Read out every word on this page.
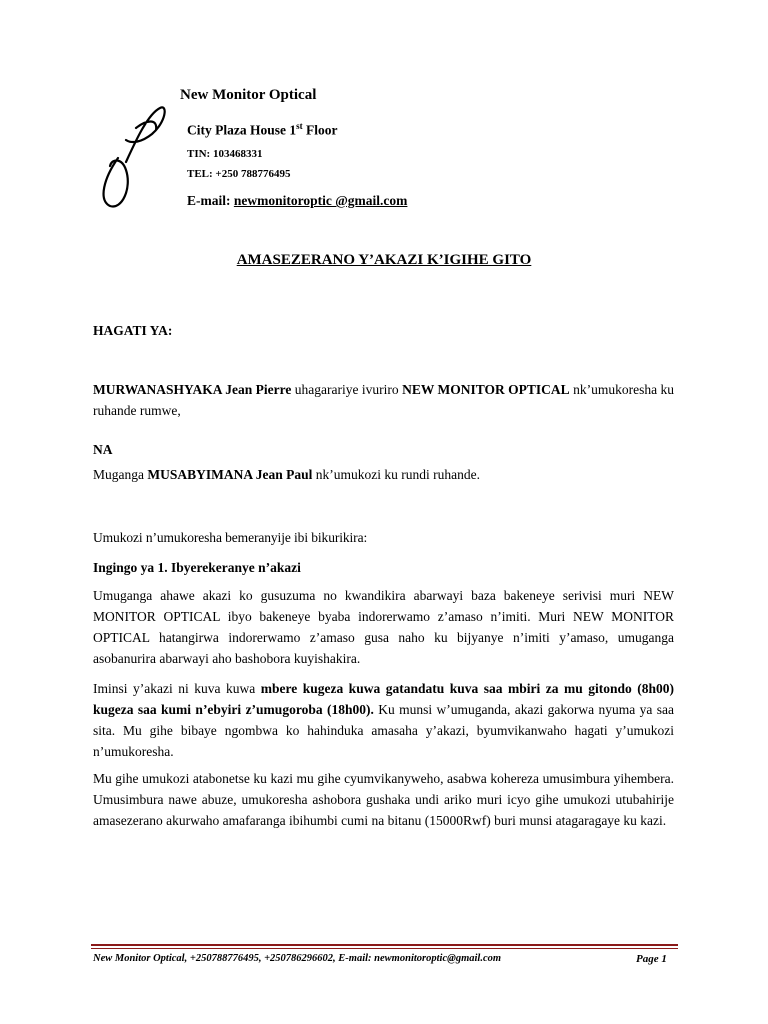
New Monitor Optical
City Plaza House 1st Floor
TIN: 103468331
TEL: +250 788776495
E-mail: newmonitoroptic @gmail.com
AMASEZERANO Y’AKAZI K’IGIHE GITO
HAGATI YA:
MURWANASHYAKA Jean Pierre uhagarariye ivuriro NEW MONITOR OPTICAL nk’umukoresha ku ruhande rumwe,
NA
Muganga MUSABYIMANA Jean Paul nk’umukozi ku rundi ruhande.
Umukozi n’umukoresha bemeranyije ibi bikurikira:
Ingingo ya 1. Ibyerekeranye n’akazi
Umuganga ahawe akazi ko gusuzuma no kwandikira abarwayi baza bakeneye serivisi muri NEW MONITOR OPTICAL ibyo bakeneye byaba indorerwamo z’amaso n’imiti. Muri NEW MONITOR OPTICAL hatangirwa indorerwamo z’amaso gusa naho ku bijyanye n’imiti y’amaso, umuganga asobanurira abarwayi aho bashobora kuyishakira.
Iminsi y’akazi ni kuva kuwa mbere kugeza kuwa gatandatu kuva saa mbiri za mu gitondo (8h00) kugeza saa kumi n’ebyiri z’umugoroba (18h00). Ku munsi w’umuganda, akazi gakorwa nyuma ya saa sita. Mu gihe bibaye ngombwa ko hahinduka amasaha y’akazi, byumvikanwaho hagati y’umukozi n’umukoresha.
Mu gihe umukozi atabonetse ku kazi mu gihe cyumvikanyweho, asabwa kohereza umusimbura yihembera. Umusimbura nawe abuze, umukoresha ashobora gushaka undi ariko muri icyo gihe umukozi utubahirije amasezerano akurwaho amafaranga ibihumbi cumi na bitanu (15000Rwf) buri munsi atagaragaye ku kazi.
New Monitor Optical, +250788776495, +250786296602, E-mail: newmonitoroptic@gmail.com	Page 1
